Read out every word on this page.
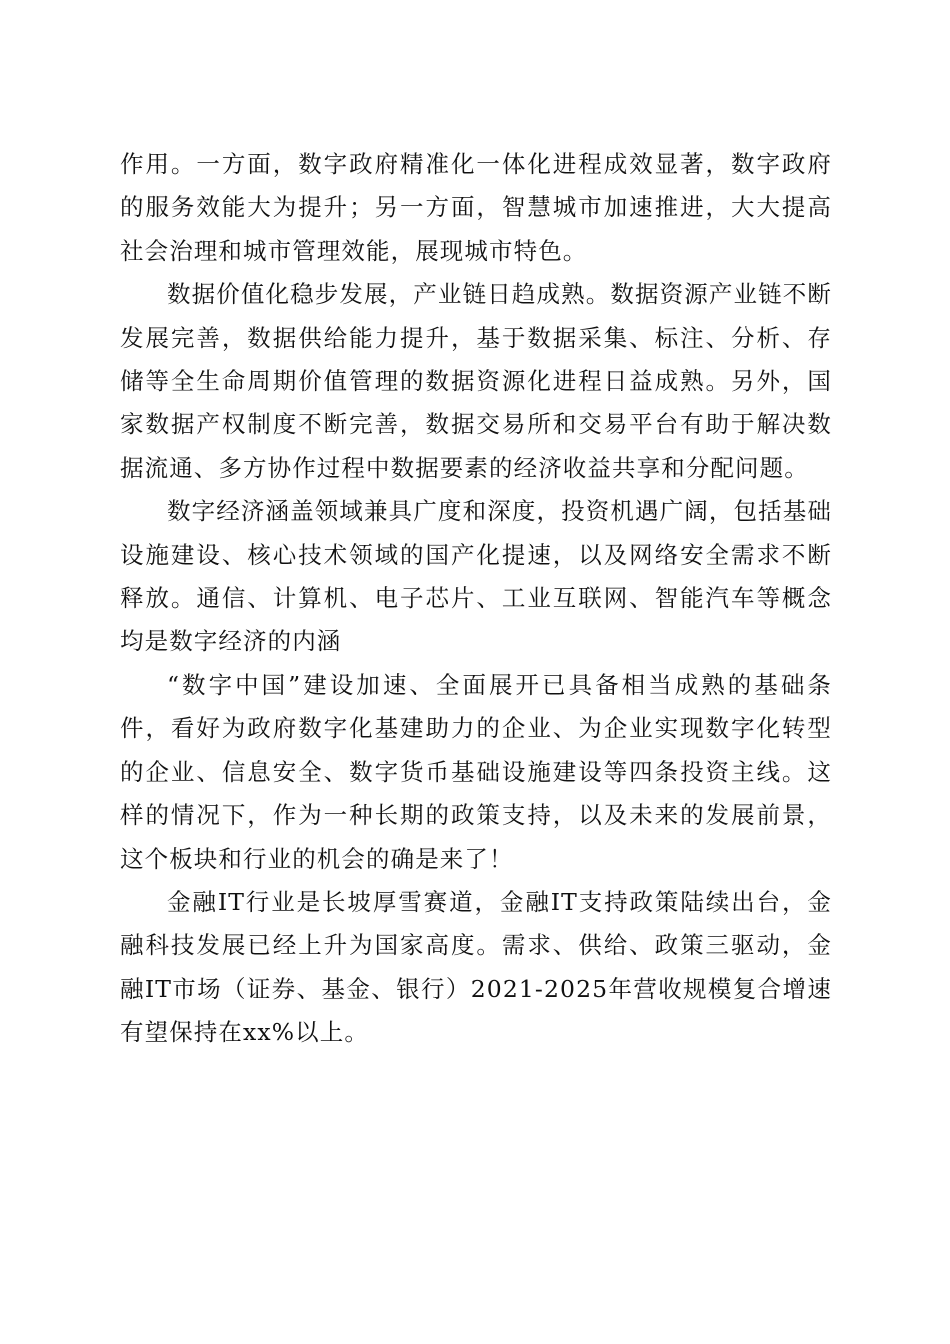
作用。一方面，数字政府精准化一体化进程成效显著，数字政府的服务效能大为提升；另一方面，智慧城市加速推进，大大提高社会治理和城市管理效能，展现城市特色。

数据价值化稳步发展，产业链日趋成熟。数据资源产业链不断发展完善，数据供给能力提升，基于数据采集、标注、分析、存储等全生命周期价值管理的数据资源化进程日益成熟。另外，国家数据产权制度不断完善，数据交易所和交易平台有助于解决数据流通、多方协作过程中数据要素的经济收益共享和分配问题。

数字经济涵盖领域兼具广度和深度，投资机遇广阔，包括基础设施建设、核心技术领域的国产化提速，以及网络安全需求不断释放。通信、计算机、电子芯片、工业互联网、智能汽车等概念均是数字经济的内涵

“数字中国”建设加速、全面展开已具备相当成熟的基础条件，看好为政府数字化基建助力的企业、为企业实现数字化转型的企业、信息安全、数字货币基础设施建设等四条投资主线。这样的情况下，作为一种长期的政策支持，以及未来的发展前景，这个板块和行业的机会的确是来了！

金融IT行业是长坡厚雪赛道，金融IT支持政策陆续出台，金融科技发展已经上升为国家高度。需求、供给、政策三驱动，金融IT市场（证券、基金、银行）2021-2025年营收规模复合增速有望保持在xx%以上。
